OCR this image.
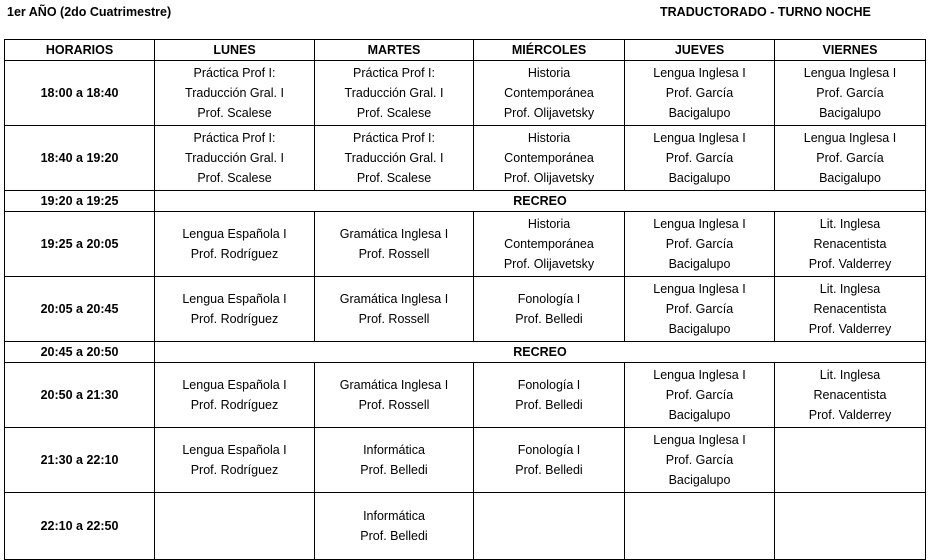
1er AÑO (2do Cuatrimestre)	TRADUCTORADO - TURNO NOCHE
HORARIOS	LUNES	MARTES	MIÉRCOLES	JUEVES	VIERNES
18:00 a 18:40	Práctica Prof I:
Traducción Gral. I
Prof. Scalese	Práctica Prof I:
Traducción Gral. I
Prof. Scalese	Historia
Contemporánea
Prof. Olijavetsky	Lengua Inglesa I
Prof. García
Bacigalupo	Lengua Inglesa I
Prof. García
Bacigalupo

18:40 a 19:20	Práctica Prof I:
Traducción Gral. I
Prof. Scalese	Práctica Prof I:
Traducción Gral. I
Prof. Scalese	Historia
Contemporánea
Prof. Olijavetsky	Lengua Inglesa I
Prof. García
Bacigalupo	Lengua Inglesa I
Prof. García
Bacigalupo

19:20 a 19:25	RECREO				
19:25 a 20:05	Lengua Española I
Prof. Rodríguez	Gramática Inglesa I
Prof. Rossell	Historia
Contemporánea
Prof. Olijavetsky	Lengua Inglesa I
Prof. García
Bacigalupo	Lit. Inglesa
Renacentista
Prof. Valderrey

20:05 a 20:45	Lengua Española I
Prof. Rodríguez	Gramática Inglesa I
Prof. Rossell	Fonología I
Prof. Belledi	Lengua Inglesa I
Prof. García
Bacigalupo	Lit. Inglesa
Renacentista
Prof. Valderrey

20:45 a 20:50	RECREO				
20:50 a 21:30	Lengua Española I
Prof. Rodríguez	Gramática Inglesa I
Prof. Rossell	Fonología I
Prof. Belledi	Lengua Inglesa I
Prof. García
Bacigalupo	Lit. Inglesa
Renacentista
Prof. Valderrey

21:30 a 22:10	Lengua Española I
Prof. Rodríguez	Informática
Prof. Belledi	Fonología I
Prof. Belledi	Lengua Inglesa I
Prof. García
Bacigalupo	

22:10 a 22:50		Informática
Prof. Belledi			
